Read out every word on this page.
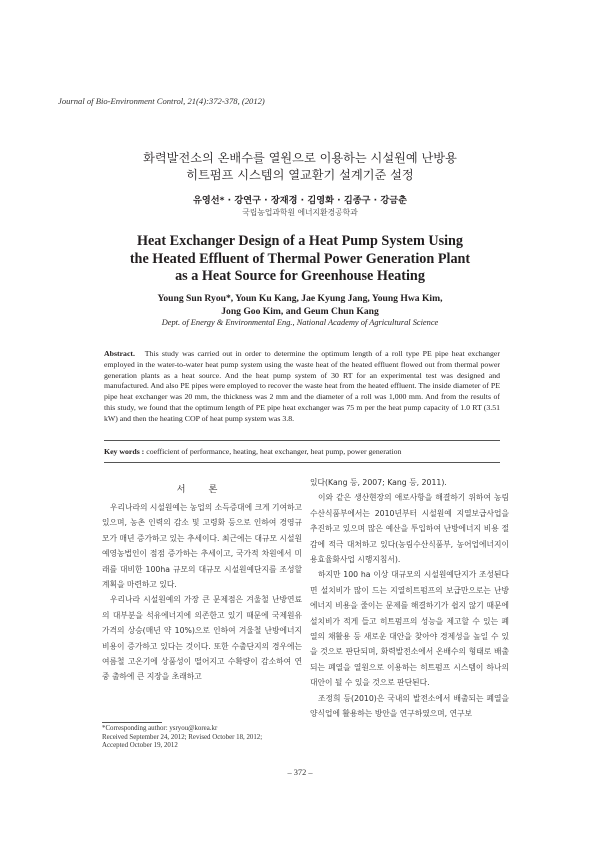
Journal of Bio-Environment Control, 21(4):372-378, (2012)
화력발전소의 온배수를 열원으로 이용하는 시설원예 난방용
히트펌프 시스템의 열교환기 설계기준 설정
유영선* · 강연구 · 장재경 · 김영화 · 김종구 · 강금춘
국립농업과학원 에너지환경공학과
Heat Exchanger Design of a Heat Pump System Using
the Heated Effluent of Thermal Power Generation Plant
as a Heat Source for Greenhouse Heating
Young Sun Ryou*, Youn Ku Kang, Jae Kyung Jang, Young Hwa Kim,
Jong Goo Kim, and Geum Chun Kang
Dept. of Energy & Environmental Eng., National Academy of Agricultural Science
Abstract. This study was carried out in order to determine the optimum length of a roll type PE pipe heat exchanger employed in the water-to-water heat pump system using the waste heat of the heated effluent flowed out from thermal power generation plants as a heat source. And the heat pump system of 30 RT for an experimental test was designed and manufactured. And also PE pipes were employed to recover the waste heat from the heated effluent. The inside diameter of PE pipe heat exchanger was 20 mm, the thickness was 2 mm and the diameter of a roll was 1,000 mm. And from the results of this study, we found that the optimum length of PE pipe heat exchanger was 75 m per the heat pump capacity of 1.0 RT (3.51 kW) and then the heating COP of heat pump system was 3.8.
Key words : coefficient of performance, heating, heat exchanger, heat pump, power generation
서 론

우리나라의 시설원예는 농업의 소득증대에 크게 기여하고 있으며, 농촌 인력의 감소 및 고령화 등으로 인하여 경영규모가 매년 증가하고 있는 추세이다. 최근에는 대규모 시설원예영농법인이 점점 증가하는 추세이고, 국가적 차원에서 미래를 대비한 100ha 규모의 대규모 시설원예단지를 조성할 계획을 마련하고 있다.

우리나라 시설원예의 가장 큰 문제점은 겨울철 난방연료의 대부분을 석유에너지에 의존한고 있기 때문에 국제원유가격의 상승(매년 약 10%)으로 인하여 겨울철 난방에너지 비용이 증가하고 있다는 것이다. 또한 수출단지의 경우에는 여름철 고온기에 상품성이 떨어지고 수확량이 감소하여 연중 출하에 큰 지장을 초래하고

있다(Kang 등, 2007; Kang 등, 2011).

이와 같은 생산현장의 애로사항을 해결하기 위하여 농림수산식품부에서는 2010년부터 시설원예 지열보급사업을 추진하고 있으며 많은 예산을 투입하여 난방에너지 비용 절감에 적극 대처하고 있다(농림수산식품부, 농어업에너지이용효율화사업 시행지침서).

하지만 100 ha 이상 대규모의 시설원예단지가 조성된다면 설치비가 많이 드는 지열히트펌프의 보급만으로는 난방에너지 비용을 줄이는 문제를 해결하기가 쉽지 않기 때문에 설치비가 적게 들고 히트펌프의 성능을 제고할 수 있는 폐열의 채활용 등 새로운 대안을 찾아야 경제성을 높일 수 있을 것으로 판단되며, 화력발전소에서 온배수의 형태로 배출되는 폐열을 열원으로 이용하는 히트펌프 시스템이 하나의 대안이 될 수 있을 것으로 판단된다.

조정희 등(2010)은 국내의 발전소에서 배출되는 폐열을 양식업에 활용하는 방안을 연구하였으며, 연구보

*Corresponding author: ysryou@korea.kr
Received September 24, 2012; Revised October 18, 2012;
Accepted October 19, 2012
– 372 –
